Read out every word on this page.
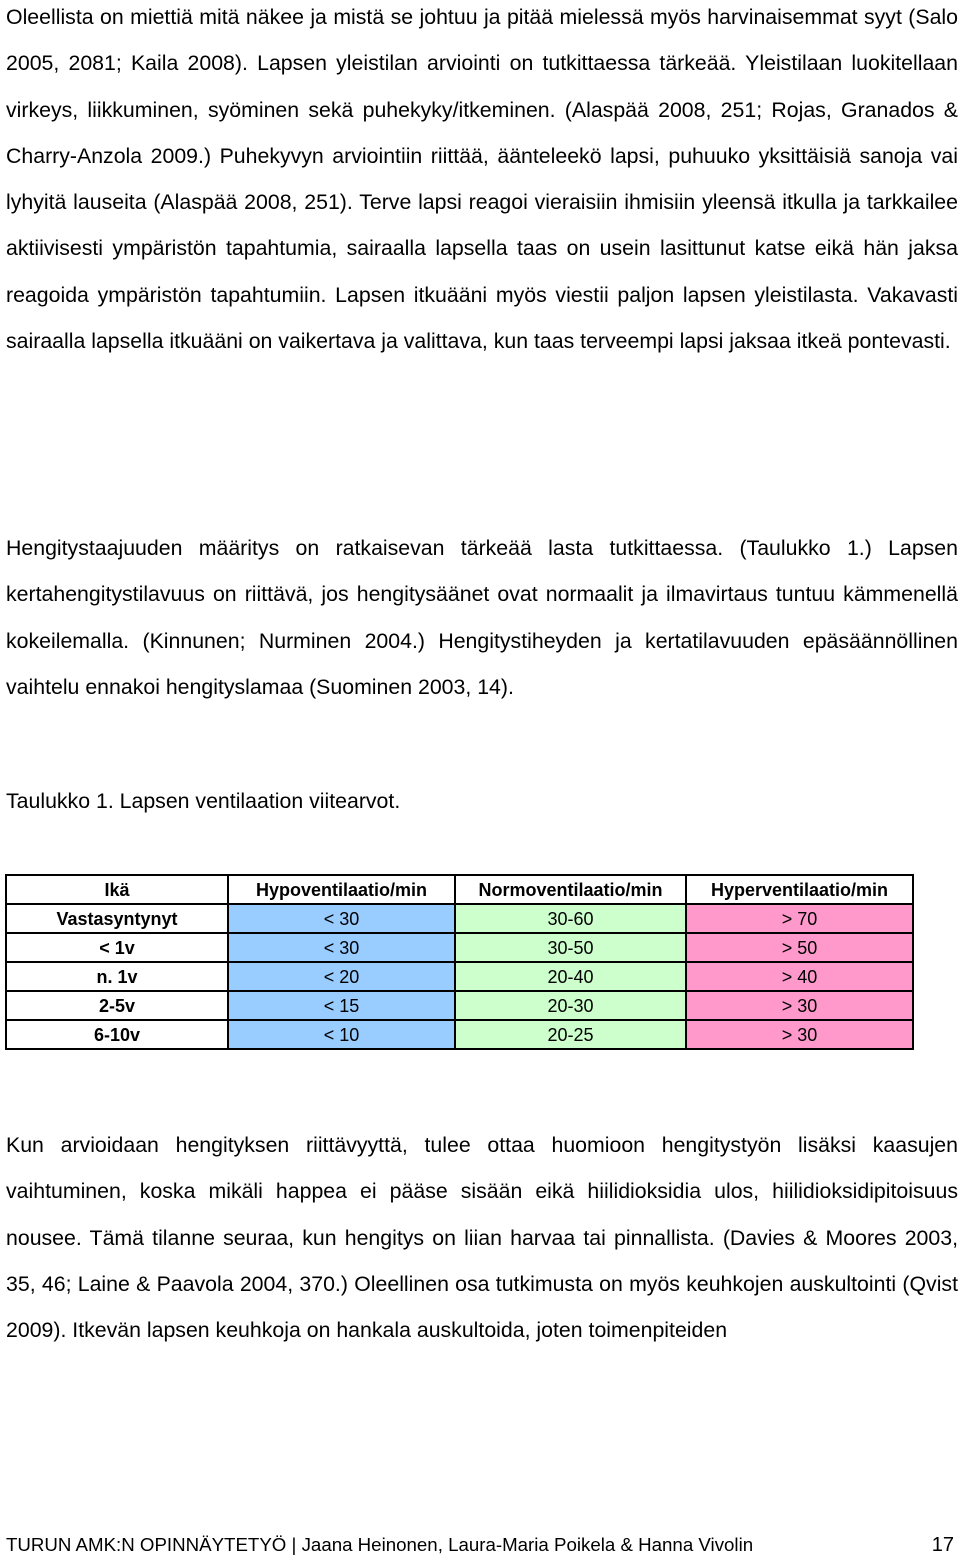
Oleellista on miettiä mitä näkee ja mistä se johtuu ja pitää mielessä myös harvinaisemmat syyt (Salo 2005, 2081; Kaila 2008). Lapsen yleistilan arviointi on tutkittaessa tärkeää. Yleistilaan luokitellaan virkeys, liikkuminen, syöminen sekä puhekyky/itkeminen. (Alaspää 2008, 251; Rojas, Granados & Charry-Anzola 2009.) Puhekyvyn arviointiin riittää, äänteleekö lapsi, puhuuko yksittäisiä sanoja vai lyhyitä lauseita (Alaspää 2008, 251). Terve lapsi reagoi vieraisiin ihmisiin yleensä itkulla ja tarkkailee aktiivisesti ympäristön tapahtumia, sairaalla lapsella taas on usein lasittunut katse eikä hän jaksa reagoida ympäristön tapahtumiin. Lapsen itkuääni myös viestii paljon lapsen yleistilasta. Vakavasti sairaalla lapsella itkuääni on vaikertava ja valittava, kun taas terveempi lapsi jaksaa itkeä pontevasti.

Hengitystaajuuden määritys on ratkaisevan tärkeää lasta tutkittaessa. (Taulukko 1.) Lapsen kertahengitystilavuus on riittävä, jos hengitysäänet ovat normaalit ja ilmavirtaus tuntuu kämmenellä kokeilemalla. (Kinnunen; Nurminen 2004.) Hengitystiheyden ja kertatilavuuden epäsäännöllinen vaihtelu ennakoi hengityslamaa (Suominen 2003, 14).

Taulukko 1. Lapsen ventilaation viitearvot.

Ikä	Hypoventilaatio/min	Normoventilaatio/min	Hyperventilaatio/min
Vastasyntynyt	< 30	30-60	> 70
< 1v	< 30	30-50	> 50
n. 1v	< 20	20-40	> 40
2-5v	< 15	20-30	> 30
6-10v	< 10	20-25	> 30

Kun arvioidaan hengityksen riittävyyttä, tulee ottaa huomioon hengitystyön lisäksi kaasujen vaihtuminen, koska mikäli happea ei pääse sisään eikä hiilidioksidia ulos, hiilidioksidipitoisuus nousee. Tämä tilanne seuraa, kun hengitys on liian harvaa tai pinnallista. (Davies & Moores 2003, 35, 46; Laine & Paavola 2004, 370.) Oleellinen osa tutkimusta on myös keuhkojen auskultointi (Qvist 2009). Itkevän lapsen keuhkoja on hankala auskultoida, joten toimenpiteiden

TURUN AMK:N OPINNÄYTETYÖ | Jaana Heinonen, Laura-Maria Poikela & Hanna Vivolin	17
